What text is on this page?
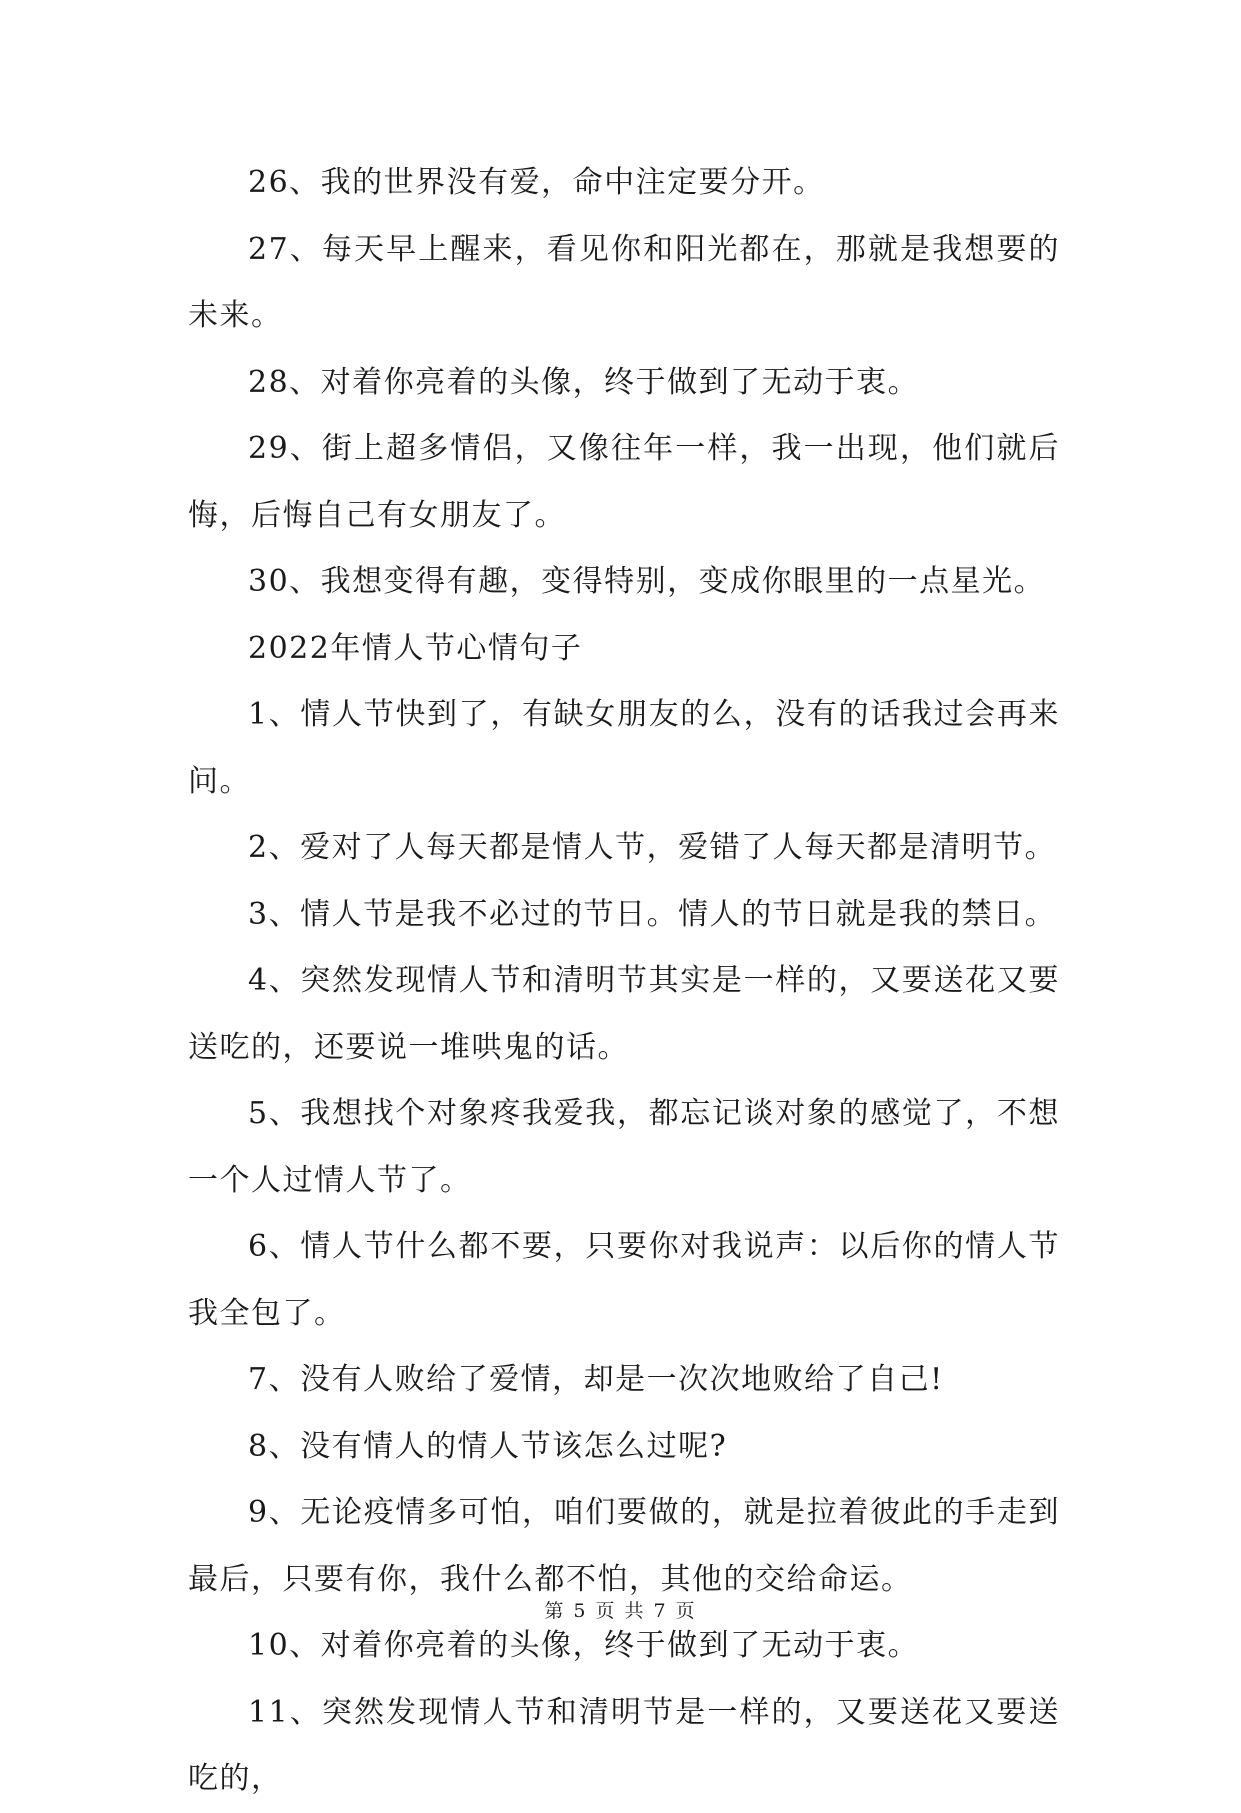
26、我的世界没有爱，命中注定要分开。

27、每天早上醒来，看见你和阳光都在，那就是我想要的未来。

28、对着你亮着的头像，终于做到了无动于衷。

29、街上超多情侣，又像往年一样，我一出现，他们就后悔，后悔自己有女朋友了。

30、我想变得有趣，变得特别，变成你眼里的一点星光。

2022年情人节心情句子

1、情人节快到了，有缺女朋友的么，没有的话我过会再来问。

2、爱对了人每天都是情人节，爱错了人每天都是清明节。

3、情人节是我不必过的节日。情人的节日就是我的禁日。

4、突然发现情人节和清明节其实是一样的，又要送花又要送吃的，还要说一堆哄鬼的话。

5、我想找个对象疼我爱我，都忘记谈对象的感觉了，不想一个人过情人节了。

6、情人节什么都不要，只要你对我说声：以后你的情人节我全包了。

7、没有人败给了爱情，却是一次次地败给了自己!

8、没有情人的情人节该怎么过呢?

9、无论疫情多可怕，咱们要做的，就是拉着彼此的手走到最后，只要有你，我什么都不怕，其他的交给命运。

10、对着你亮着的头像，终于做到了无动于衷。

11、突然发现情人节和清明节是一样的，又要送花又要送吃的，

第 5 页 共 7 页
